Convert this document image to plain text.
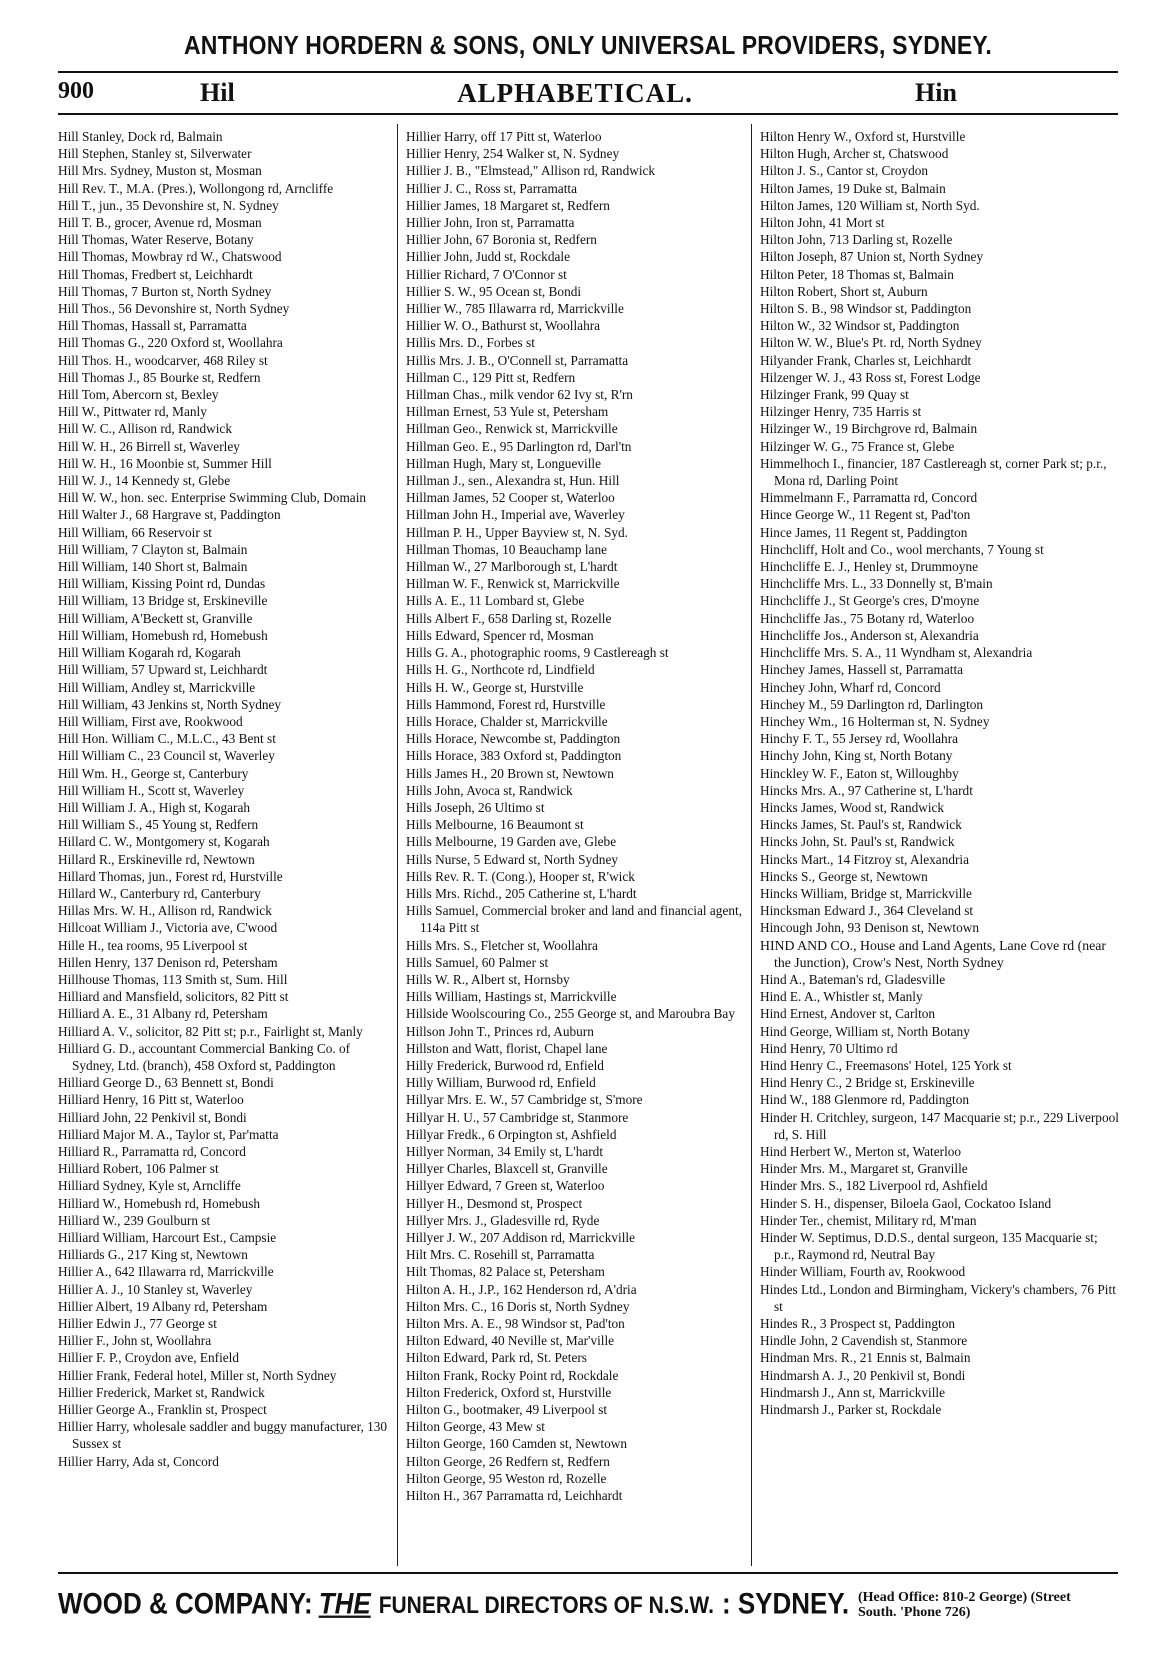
ANTHONY HORDERN & SONS, ONLY UNIVERSAL PROVIDERS, SYDNEY.
900	Hil	ALPHABETICAL.	Hin
Hill Stanley, Dock rd, Balmain
Hill Stephen, Stanley st, Silverwater
Hill Mrs. Sydney, Muston st, Mosman
Hill Rev. T., M.A. (Pres.), Wollongong rd, Arncliffe
Hill T., jun., 35 Devonshire st, N. Sydney
Hill T. B., grocer, Avenue rd, Mosman
Hill Thomas, Water Reserve, Botany
Hill Thomas, Mowbray rd W., Chatswood
Hill Thomas, Fredbert st, Leichhardt
Hill Thomas, 7 Burton st, North Sydney
Hill Thos., 56 Devonshire st, North Sydney
Hill Thomas, Hassall st, Parramatta
Hill Thomas G., 220 Oxford st, Woollahra
Hill Thos. H., woodcarver, 468 Riley st
Hill Thomas J., 85 Bourke st, Redfern
Hill Tom, Abercorn st, Bexley
Hill W., Pittwater rd, Manly
Hill W. C., Allison rd, Randwick
Hill W. H., 26 Birrell st, Waverley
Hill W. H., 16 Moonbie st, Summer Hill
Hill W. J., 14 Kennedy st, Glebe
Hill W. W., hon. sec. Enterprise Swimming Club, Domain
Hill Walter J., 68 Hargrave st, Paddington
Hill William, 66 Reservoir st
Hill William, 7 Clayton st, Balmain
Hill William, 140 Short st, Balmain
Hill William, Kissing Point rd, Dundas
Hill William, 13 Bridge st, Erskineville
Hill William, A'Beckett st, Granville
Hill William, Homebush rd, Homebush
Hill William Kogarah rd, Kogarah
Hill William, 57 Upward st, Leichhardt
Hill William, Andley st, Marrickville
Hill William, 43 Jenkins st, North Sydney
Hill William, First ave, Rookwood
Hill Hon. William C., M.L.C., 43 Bent st
Hill William C., 23 Council st, Waverley
Hill Wm. H., George st, Canterbury
Hill William H., Scott st, Waverley
Hill William J. A., High st, Kogarah
Hill William S., 45 Young st, Redfern
Hillard C. W., Montgomery st, Kogarah
Hillard R., Erskineville rd, Newtown
Hillard Thomas, jun., Forest rd, Hurstville
Hillard W., Canterbury rd, Canterbury
Hillas Mrs. W. H., Allison rd, Randwick
Hillcoat William J., Victoria ave, C'wood
Hille H., tea rooms, 95 Liverpool st
Hillen Henry, 137 Denison rd, Petersham
Hillhouse Thomas, 113 Smith st, Sum. Hill
Hilliard and Mansfield, solicitors, 82 Pitt st
Hilliard A. E., 31 Albany rd, Petersham
Hilliard A. V., solicitor, 82 Pitt st; p.r., Fairlight st, Manly
Hilliard G. D., accountant Commercial Banking Co. of Sydney, Ltd. (branch), 458 Oxford st, Paddington
Hilliard George D., 63 Bennett st, Bondi
Hilliard Henry, 16 Pitt st, Waterloo
Hilliard John, 22 Penkivil st, Bondi
Hilliard Major M. A., Taylor st, Par'matta
Hilliard R., Parramatta rd, Concord
Hilliard Robert, 106 Palmer st
Hilliard Sydney, Kyle st, Arncliffe
Hilliard W., Homebush rd, Homebush
Hilliard W., 239 Goulburn st
Hilliard William, Harcourt Est., Campsie
Hilliards G., 217 King st, Newtown
Hillier A., 642 Illawarra rd, Marrickville
Hillier A. J., 10 Stanley st, Waverley
Hillier Albert, 19 Albany rd, Petersham
Hillier Edwin J., 77 George st
Hillier F., John st, Woollahra
Hillier F. P., Croydon ave, Enfield
Hillier Frank, Federal hotel, Miller st, North Sydney
Hillier Frederick, Market st, Randwick
Hillier George A., Franklin st, Prospect
Hillier Harry, wholesale saddler and buggy manufacturer, 130 Sussex st
Hillier Harry, Ada st, Concord
Hillier Harry, off 17 Pitt st, Waterloo
Hillier Henry, 254 Walker st, N. Sydney
Hillier J. B., "Elmstead," Allison rd, Randwick
Hillier J. C., Ross st, Parramatta
Hillier James, 18 Margaret st, Redfern
Hillier John, Iron st, Parramatta
Hillier John, 67 Boronia st, Redfern
Hillier John, Judd st, Rockdale
Hillier Richard, 7 O'Connor st
Hillier S. W., 95 Ocean st, Bondi
Hillier W., 785 Illawarra rd, Marrickville
Hillier W. O., Bathurst st, Woollahra
Hillis Mrs. D., Forbes st
Hillis Mrs. J. B., O'Connell st, Parramatta
Hillman C., 129 Pitt st, Redfern
Hillman Chas., milk vendor 62 Ivy st, R'rn
Hillman Ernest, 53 Yule st, Petersham
Hillman Geo., Renwick st, Marrickville
Hillman Geo. E., 95 Darlington rd, Darl'tn
Hillman Hugh, Mary st, Longueville
Hillman J., sen., Alexandra st, Hun. Hill
Hillman James, 52 Cooper st, Waterloo
Hillman John H., Imperial ave, Waverley
Hillman P. H., Upper Bayview st, N. Syd.
Hillman Thomas, 10 Beauchamp lane
Hillman W., 27 Marlborough st, L'hardt
Hillman W. F., Renwick st, Marrickville
Hills A. E., 11 Lombard st, Glebe
Hills Albert F., 658 Darling st, Rozelle
Hills Edward, Spencer rd, Mosman
Hills G. A., photographic rooms, 9 Castlereagh st
Hills H. G., Northcote rd, Lindfield
Hills H. W., George st, Hurstville
Hills Hammond, Forest rd, Hurstville
Hills Horace, Chalder st, Marrickville
Hills Horace, Newcombe st, Paddington
Hills Horace, 383 Oxford st, Paddington
Hills James H., 20 Brown st, Newtown
Hills John, Avoca st, Randwick
Hills Joseph, 26 Ultimo st
Hills Melbourne, 16 Beaumont st
Hills Melbourne, 19 Garden ave, Glebe
Hills Nurse, 5 Edward st, North Sydney
Hills Rev. R. T. (Cong.), Hooper st, R'wick
Hills Mrs. Richd., 205 Catherine st, L'hardt
Hills Samuel, Commercial broker and land and financial agent, 114a Pitt st
Hills Mrs. S., Fletcher st, Woollahra
Hills Samuel, 60 Palmer st
Hills W. R., Albert st, Hornsby
Hills William, Hastings st, Marrickville
Hillside Woolscouring Co., 255 George st, and Maroubra Bay
Hillson John T., Princes rd, Auburn
Hillston and Watt, florist, Chapel lane
Hilly Frederick, Burwood rd, Enfield
Hilly William, Burwood rd, Enfield
Hillyar Mrs. E. W., 57 Cambridge st, S'more
Hillyar H. U., 57 Cambridge st, Stanmore
Hillyar Fredk., 6 Orpington st, Ashfield
Hillyer Norman, 34 Emily st, L'hardt
Hillyer Charles, Blaxcell st, Granville
Hillyer Edward, 7 Green st, Waterloo
Hillyer H., Desmond st, Prospect
Hillyer Mrs. J., Gladesville rd, Ryde
Hillyer J. W., 207 Addison rd, Marrickville
Hilt Mrs. C. Rosehill st, Parramatta
Hilt Thomas, 82 Palace st, Petersham
Hilton A. H., J.P., 162 Henderson rd, A'dria
Hilton Mrs. C., 16 Doris st, North Sydney
Hilton Mrs. A. E., 98 Windsor st, Pad'ton
Hilton Edward, 40 Neville st, Mar'ville
Hilton Edward, Park rd, St. Peters
Hilton Frank, Rocky Point rd, Rockdale
Hilton Frederick, Oxford st, Hurstville
Hilton G., bootmaker, 49 Liverpool st
Hilton George, 43 Mew st
Hilton George, 160 Camden st, Newtown
Hilton George, 26 Redfern st, Redfern
Hilton George, 95 Weston rd, Rozelle
Hilton H., 367 Parramatta rd, Leichhardt
Hilton Henry W., Oxford st, Hurstville
Hilton Hugh, Archer st, Chatswood
Hilton J. S., Cantor st, Croydon
Hilton James, 19 Duke st, Balmain
Hilton James, 120 William st, North Syd.
Hilton John, 41 Mort st
Hilton John, 713 Darling st, Rozelle
Hilton Joseph, 87 Union st, North Sydney
Hilton Peter, 18 Thomas st, Balmain
Hilton Robert, Short st, Auburn
Hilton S. B., 98 Windsor st, Paddington
Hilton W., 32 Windsor st, Paddington
Hilton W. W., Blue's Pt. rd, North Sydney
Hilyander Frank, Charles st, Leichhardt
Hilzenger W. J., 43 Ross st, Forest Lodge
Hilzinger Frank, 99 Quay st
Hilzinger Henry, 735 Harris st
Hilzinger W., 19 Birchgrove rd, Balmain
Hilzinger W. G., 75 France st, Glebe
Himmelhoch I., financier, 187 Castlereagh st, corner Park st; p.r., Mona rd, Darling Point
Himmelmann F., Parramatta rd, Concord
Hince George W., 11 Regent st, Pad'ton
Hince James, 11 Regent st, Paddington
Hinchcliff, Holt and Co., wool merchants, 7 Young st
Hinchcliffe E. J., Henley st, Drummoyne
Hinchcliffe Mrs. L., 33 Donnelly st, B'main
Hinchcliffe J., St George's cres, D'moyne
Hinchcliffe Jas., 75 Botany rd, Waterloo
Hinchcliffe Jos., Anderson st, Alexandria
Hinchcliffe Mrs. S. A., 11 Wyndham st, Alexandria
Hinchey James, Hassell st, Parramatta
Hinchey John, Wharf rd, Concord
Hinchey M., 59 Darlington rd, Darlington
Hinchey Wm., 16 Holterman st, N. Sydney
Hinchy F. T., 55 Jersey rd, Woollahra
Hinchy John, King st, North Botany
Hinckley W. F., Eaton st, Willoughby
Hincks Mrs. A., 97 Catherine st, L'hardt
Hincks James, Wood st, Randwick
Hincks James, St. Paul's st, Randwick
Hincks John, St. Paul's st, Randwick
Hincks Mart., 14 Fitzroy st, Alexandria
Hincks S., George st, Newtown
Hincks William, Bridge st, Marrickville
Hincksman Edward J., 364 Cleveland st
Hincough John, 93 Denison st, Newtown
HIND AND CO., House and Land Agents, Lane Cove rd (near the Junction), Crow's Nest, North Sydney
Hind A., Bateman's rd, Gladesville
Hind E. A., Whistler st, Manly
Hind Ernest, Andover st, Carlton
Hind George, William st, North Botany
Hind Henry, 70 Ultimo rd
Hind Henry C., Freemasons' Hotel, 125 York st
Hind Henry C., 2 Bridge st, Erskineville
Hind W., 188 Glenmore rd, Paddington
Hinder H. Critchley, surgeon, 147 Macquarie st; p.r., 229 Liverpool rd, S. Hill
Hind Herbert W., Merton st, Waterloo
Hinder Mrs. M., Margaret st, Granville
Hinder Mrs. S., 182 Liverpool rd, Ashfield
Hinder S. H., dispenser, Biloela Gaol, Cockatoo Island
Hinder Ter., chemist, Military rd, M'man
Hinder W. Septimus, D.D.S., dental surgeon, 135 Macquarie st; p.r., Raymond rd, Neutral Bay
Hinder William, Fourth av, Rookwood
Hindes Ltd., London and Birmingham, Vickery's chambers, 76 Pitt st
Hindes R., 3 Prospect st, Paddington
Hindle John, 2 Cavendish st, Stanmore
Hindman Mrs. R., 21 Ennis st, Balmain
Hindmarsh A. J., 20 Penkivil st, Bondi
Hindmarsh J., Ann st, Marrickville
Hindmarsh J., Parker st, Rockdale
WOOD & COMPANY: THE FUNERAL DIRECTORS OF N.S.W. : SYDNEY. (Head Office: 810-2 George) (Street South. 'Phone 726)
